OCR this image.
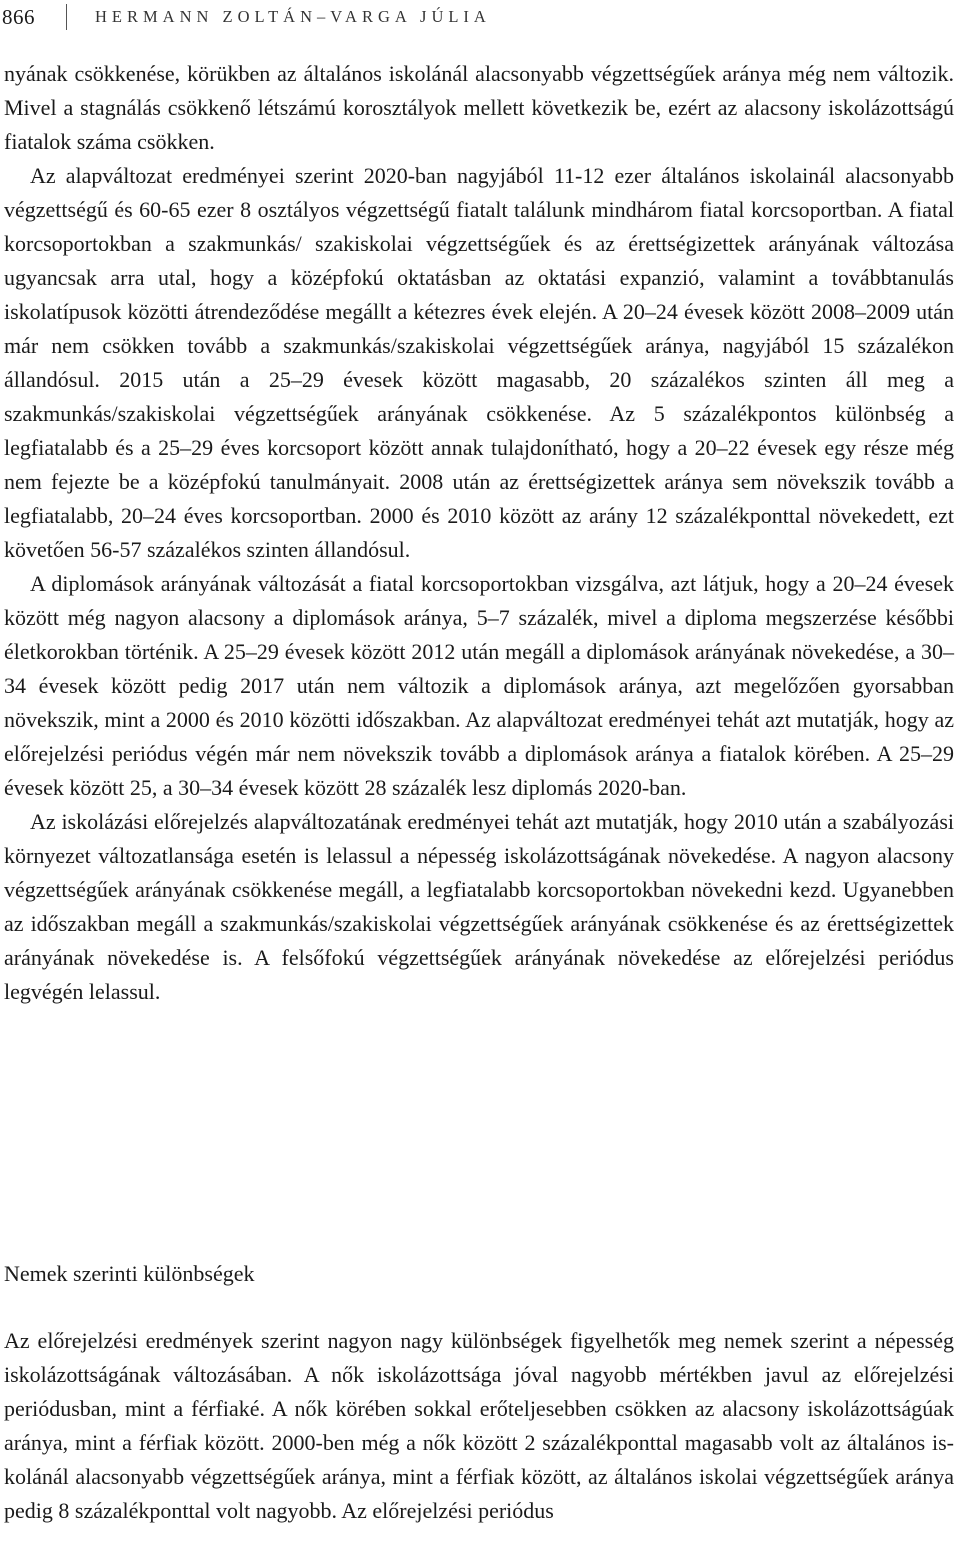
866	HERMANN ZOLTÁN–VARGA JÚLIA

nyának csökkenése, körükben az általános iskolánál alacsonyabb végzettségűek aránya még nem változik. Mivel a stagnálás csökkenő létszámú korosztályok mellett következik be, ezért az alacsony iskolázottságú fiatalok száma csökken.

Az alapváltozat eredményei szerint 2020-ban nagyjából 11-12 ezer általános iskolainál alacsonyabb végzettségű és 60-65 ezer 8 osztályos végzettségű fiatalt találunk mindhárom fiatal korcsoportban. A fiatal korcsoportokban a szakmunkás/ szakiskolai végzettségűek és az érettségizettek arányának változása ugyancsak arra utal, hogy a középfokú oktatásban az oktatási expanzió, valamint a továbbtanulás iskolatípusok közötti átrendeződése megállt a kétezres évek elején. A 20–24 évesek között 2008–2009 után már nem csökken tovább a szakmunkás/szakiskolai végzettségűek aránya, nagyjából 15 százalékon állandósul. 2015 után a 25–29 évesek között magasabb, 20 százalékos szinten áll meg a szakmunkás/szakiskolai végzettségűek arányának csökkenése. Az 5 százalékpontos különbség a legfiatalabb és a 25–29 éves korcsoport között annak tulajdonítható, hogy a 20–22 évesek egy része még nem fejezte be a középfokú tanulmányait. 2008 után az érettségizettek aránya sem növekszik tovább a legfiatalabb, 20–24 éves korcsoportban. 2000 és 2010 között az arány 12 százalékponttal növekedett, ezt követően 56-57 százalékos szinten állandósul.

A diplomások arányának változását a fiatal korcsoportokban vizsgálva, azt látjuk, hogy a 20–24 évesek között még nagyon alacsony a diplomások aránya, 5–7 százalék, mivel a diploma megszerzése későbbi életkorokban történik. A 25–29 évesek között 2012 után megáll a diplomások arányának növekedése, a 30–34 évesek között pedig 2017 után nem változik a diplomások aránya, azt megelőzően gyorsabban növekszik, mint a 2000 és 2010 közötti időszakban. Az alapváltozat eredményei tehát azt mutatják, hogy az előrejelzési periódus végén már nem növekszik tovább a diplomások aránya a fiatalok körében. A 25–29 évesek között 25, a 30–34 évesek között 28 százalék lesz diplomás 2020-ban.

Az iskolázási előrejelzés alapváltozatának eredményei tehát azt mutatják, hogy 2010 után a szabályozási környezet változatlansága esetén is lelassul a népesség iskolázottságának növekedése. A nagyon alacsony végzettségűek arányának csökkenése megáll, a legfiatalabb korcsoportokban növekedni kezd. Ugyanebben az időszakban megáll a szakmunkás/szakiskolai végzettségűek arányának csökkenése és az érettségizettek arányának növekedése is. A felsőfokú végzettségűek arányának növekedése az előrejelzési periódus legvégén lelassul.

Nemek szerinti különbségek

Az előrejelzési eredmények szerint nagyon nagy különbségek figyelhetők meg nemek szerint a népesség iskolázottságának változásában. A nők iskolázottsága jóval nagyobb mértékben javul az előrejelzési periódusban, mint a férfiaké. A nők körében sokkal erőteljesebben csökken az alacsony iskolázottságúak aránya, mint a férfiak között. 2000-ben még a nők között 2 százalékponttal magasabb volt az általános iskolánál alacsonyabb végzettségűek aránya, mint a férfiak között, az általános iskolai végzettségűek aránya pedig 8 százalékponttal volt nagyobb. Az előrejelzési periódus
